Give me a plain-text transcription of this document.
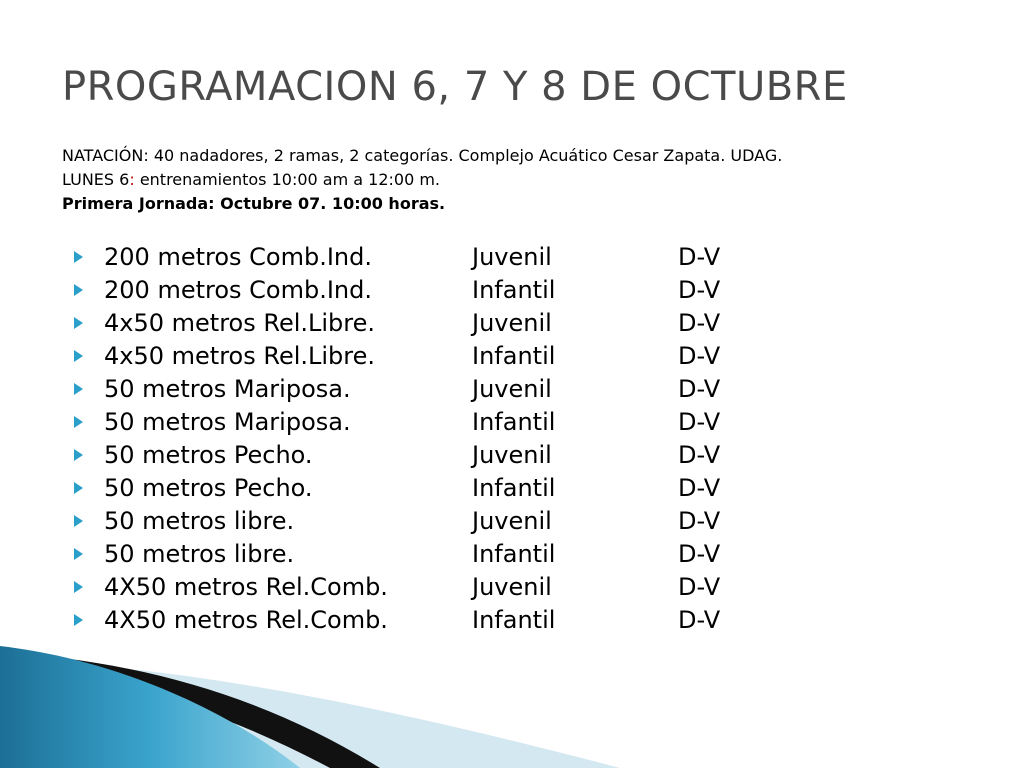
PROGRAMACION 6, 7 Y 8 DE OCTUBRE
NATACIÓN: 40 nadadores, 2 ramas, 2 categorías. Complejo Acuático Cesar Zapata. UDAG.
LUNES 6: entrenamientos 10:00 am a 12:00 m.
Primera Jornada: Octubre 07. 10:00 horas.
200 metros Comb.Ind.	Juvenil	D-V
200 metros Comb.Ind.	Infantil	D-V
4x50 metros Rel.Libre.	Juvenil	D-V
4x50 metros Rel.Libre.	Infantil	D-V
50 metros Mariposa.	Juvenil	D-V
50 metros Mariposa.	Infantil	D-V
50 metros Pecho.	Juvenil	D-V
50 metros Pecho.	Infantil	D-V
50 metros libre.	Juvenil	D-V
50 metros libre.	Infantil	D-V
4X50 metros Rel.Comb.	Juvenil	D-V
4X50 metros Rel.Comb.	Infantil	D-V
